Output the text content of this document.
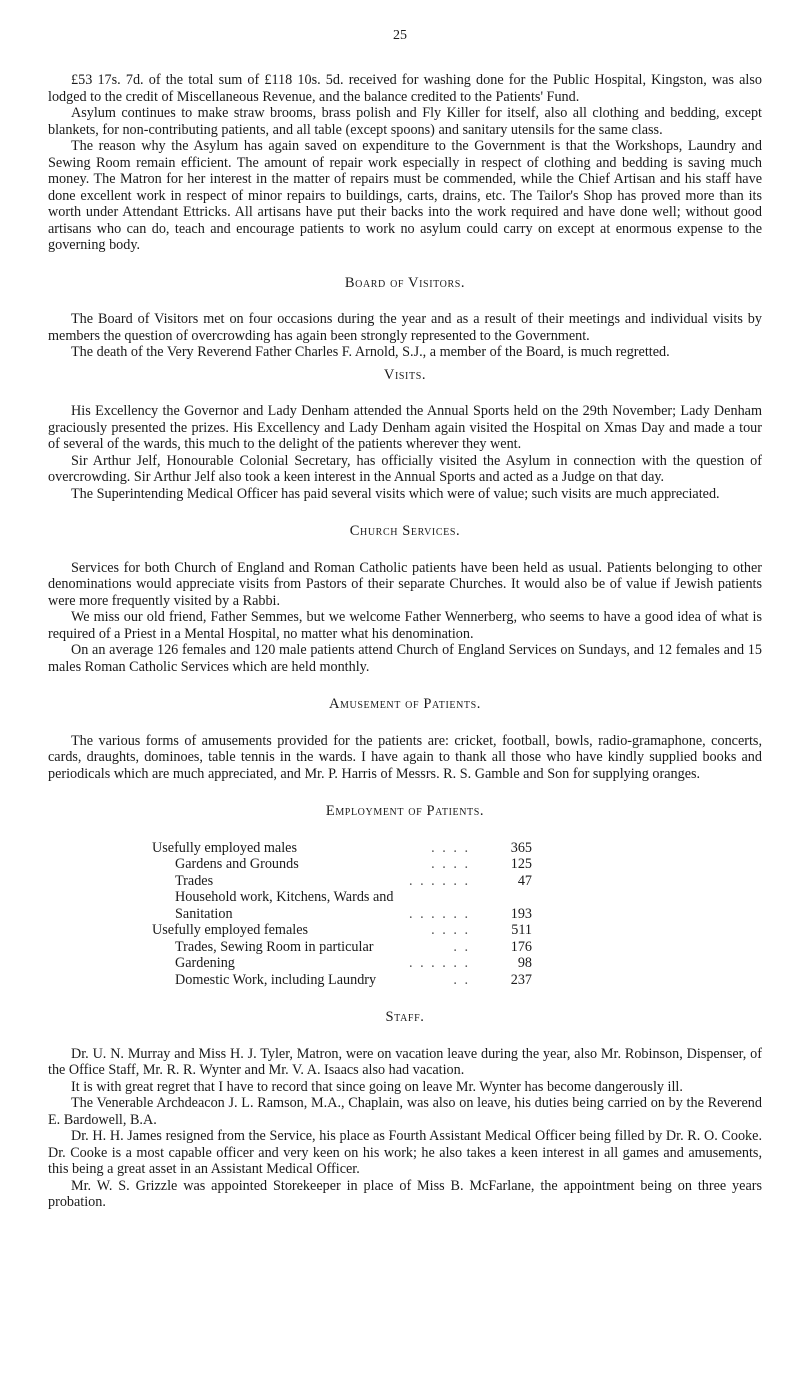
25

£53 17s. 7d. of the total sum of £118 10s. 5d. received for washing done for the Public Hospital, Kingston, was also lodged to the credit of Miscellaneous Revenue, and the balance credited to the Patients' Fund.

Asylum continues to make straw brooms, brass polish and Fly Killer for itself, also all clothing and bedding, except blankets, for non-contributing patients, and all table (except spoons) and sanitary utensils for the same class.

The reason why the Asylum has again saved on expenditure to the Government is that the Workshops, Laundry and Sewing Room remain efficient. The amount of repair work especially in respect of clothing and bedding is saving much money. The Matron for her interest in the matter of repairs must be commended, while the Chief Artisan and his staff have done excellent work in respect of minor repairs to buildings, carts, drains, etc. The Tailor's Shop has proved more than its worth under Attendant Ettricks. All artisans have put their backs into the work required and have done well; without good artisans who can do, teach and encourage patients to work no asylum could carry on except at enormous expense to the governing body.

Board of Visitors.

The Board of Visitors met on four occasions during the year and as a result of their meetings and individual visits by members the question of overcrowding has again been strongly represented to the Government.

The death of the Very Reverend Father Charles F. Arnold, S.J., a member of the Board, is much regretted.

Visits.

His Excellency the Governor and Lady Denham attended the Annual Sports held on the 29th November; Lady Denham graciously presented the prizes. His Excellency and Lady Denham again visited the Hospital on Xmas Day and made a tour of several of the wards, this much to the delight of the patients wherever they went.

Sir Arthur Jelf, Honourable Colonial Secretary, has officially visited the Asylum in connection with the question of overcrowding. Sir Arthur Jelf also took a keen interest in the Annual Sports and acted as a Judge on that day.

The Superintending Medical Officer has paid several visits which were of value; such visits are much appreciated.

Church Services.

Services for both Church of England and Roman Catholic patients have been held as usual. Patients belonging to other denominations would appreciate visits from Pastors of their separate Churches. It would also be of value if Jewish patients were more frequently visited by a Rabbi.

We miss our old friend, Father Semmes, but we welcome Father Wennerberg, who seems to have a good idea of what is required of a Priest in a Mental Hospital, no matter what his denomination.

On an average 126 females and 120 male patients attend Church of England Services on Sundays, and 12 females and 15 males Roman Catholic Services which are held monthly.

Amusement of Patients.

The various forms of amusements provided for the patients are: cricket, football, bowls, radio-gramaphone, concerts, cards, draughts, dominoes, table tennis in the wards. I have again to thank all those who have kindly supplied books and periodicals which are much appreciated, and Mr. P. Harris of Messrs. R. S. Gamble and Son for supplying oranges.

Employment of Patients.
Usefully employed males	. . . .	365
Gardens and Grounds	. . . .	125
Trades	. . . . . .	47
Household work, Kitchens, Wards and
Sanitation	. . . . . .	193
Usefully employed females	. . . .	511
Trades, Sewing Room in particular	. .	176
Gardening	. . . . . .	98
Domestic Work, including Laundry	. .	237
Staff.

Dr. U. N. Murray and Miss H. J. Tyler, Matron, were on vacation leave during the year, also Mr. Robinson, Dispenser, of the Office Staff, Mr. R. R. Wynter and Mr. V. A. Isaacs also had vacation.

It is with great regret that I have to record that since going on leave Mr. Wynter has become dangerously ill.

The Venerable Archdeacon J. L. Ramson, M.A., Chaplain, was also on leave, his duties being carried on by the Reverend E. Bardowell, B.A.

Dr. H. H. James resigned from the Service, his place as Fourth Assistant Medical Officer being filled by Dr. R. O. Cooke. Dr. Cooke is a most capable officer and very keen on his work; he also takes a keen interest in all games and amusements, this being a great asset in an Assistant Medical Officer.

Mr. W. S. Grizzle was appointed Storekeeper in place of Miss B. McFarlane, the appointment being on three years probation.
